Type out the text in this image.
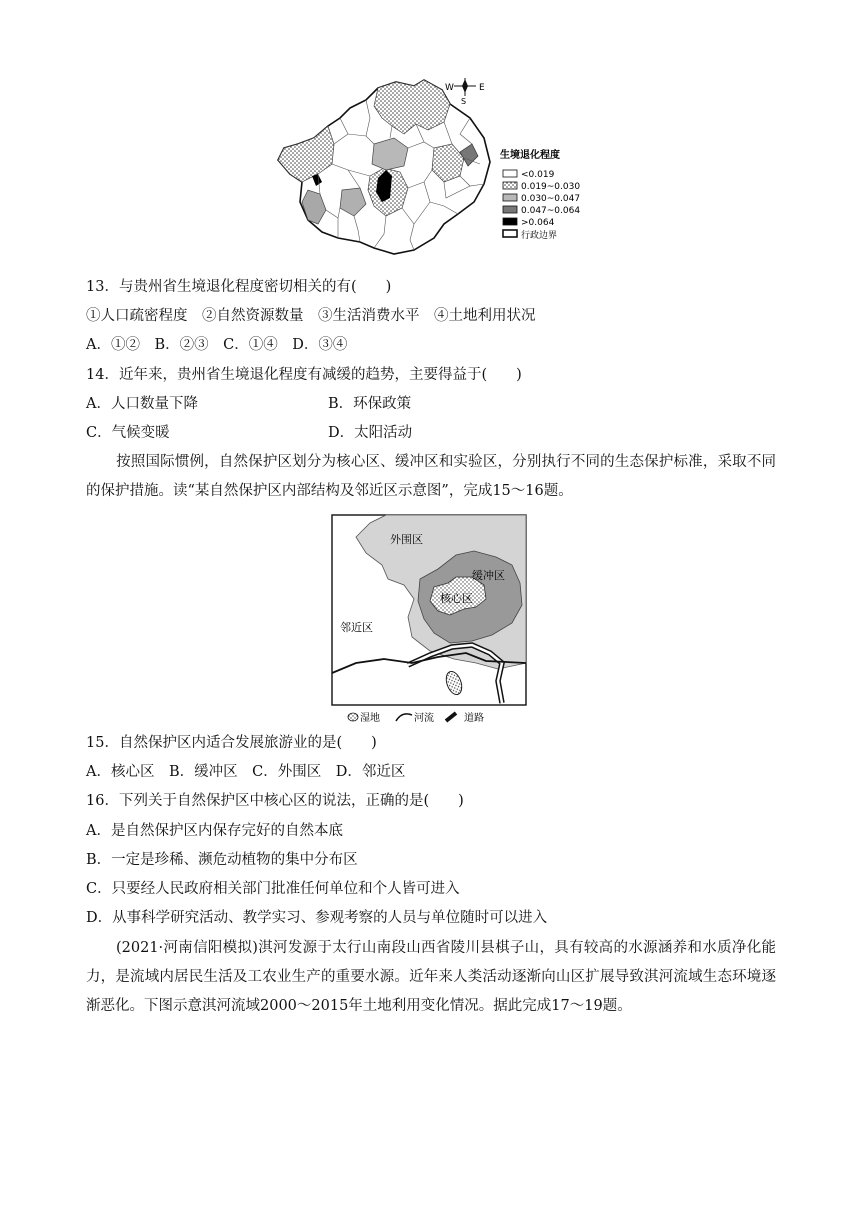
W	E
S
生境退化程度
<0.019
0.019~0.030
0.030~0.047
0.047~0.064
>0.064
行政边界
13．与贵州省生境退化程度密切相关的有(　　)
①人口疏密程度　②自然资源数量　③生活消费水平　④土地利用状况
A．①②　B．②③　C．①④　D．③④
14．近年来，贵州省生境退化程度有减缓的趋势，主要得益于(　　)
A．人口数量下降	B．环保政策
C．气候变暖	D．太阳活动
按照国际惯例，自然保护区划分为核心区、缓冲区和实验区，分别执行不同的生态保护标准，采取不同的保护措施。读“某自然保护区内部结构及邻近区示意图”，完成15～16题。
外围区
缓冲区
核心区
邻近区
湿地	河流	道路
15．自然保护区内适合发展旅游业的是(　　)
A．核心区　B．缓冲区　C．外围区　D．邻近区
16．下列关于自然保护区中核心区的说法，正确的是(　　)
A．是自然保护区内保存完好的自然本底
B．一定是珍稀、濒危动植物的集中分布区
C．只要经人民政府相关部门批准任何单位和个人皆可进入
D．从事科学研究活动、教学实习、参观考察的人员与单位随时可以进入
(2021·河南信阳模拟)淇河发源于太行山南段山西省陵川县棋子山，具有较高的水源涵养和水质净化能力，是流域内居民生活及工农业生产的重要水源。近年来人类活动逐渐向山区扩展导致淇河流域生态环境逐渐恶化。下图示意淇河流域2000～2015年土地利用变化情况。据此完成17～19题。
